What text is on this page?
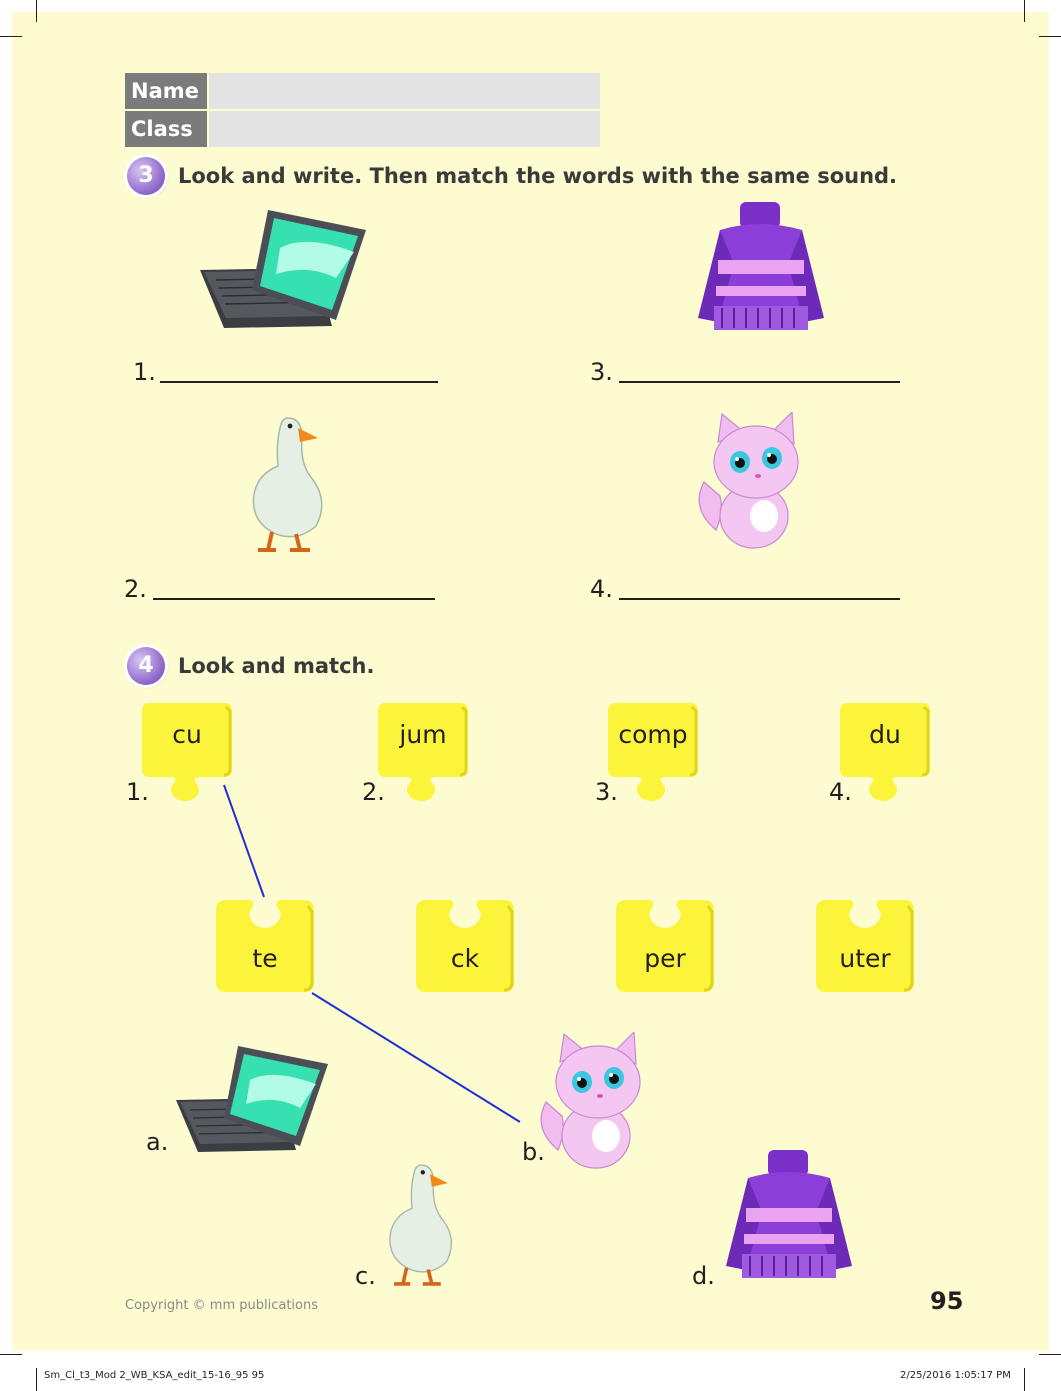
Name
Class
3	Look and write. Then match the words with the same sound.
1.	3.
2.	4.
4	Look and match.
cu
1.
jum
2.
comp
3.
du
4.
te	ck	per	uter
a.	b.
c.	d.
Copyright © mm publications	95
Sm_Cl_t3_Mod 2_WB_KSA_edit_15-16_95 95	2/25/2016 1:05:17 PM
